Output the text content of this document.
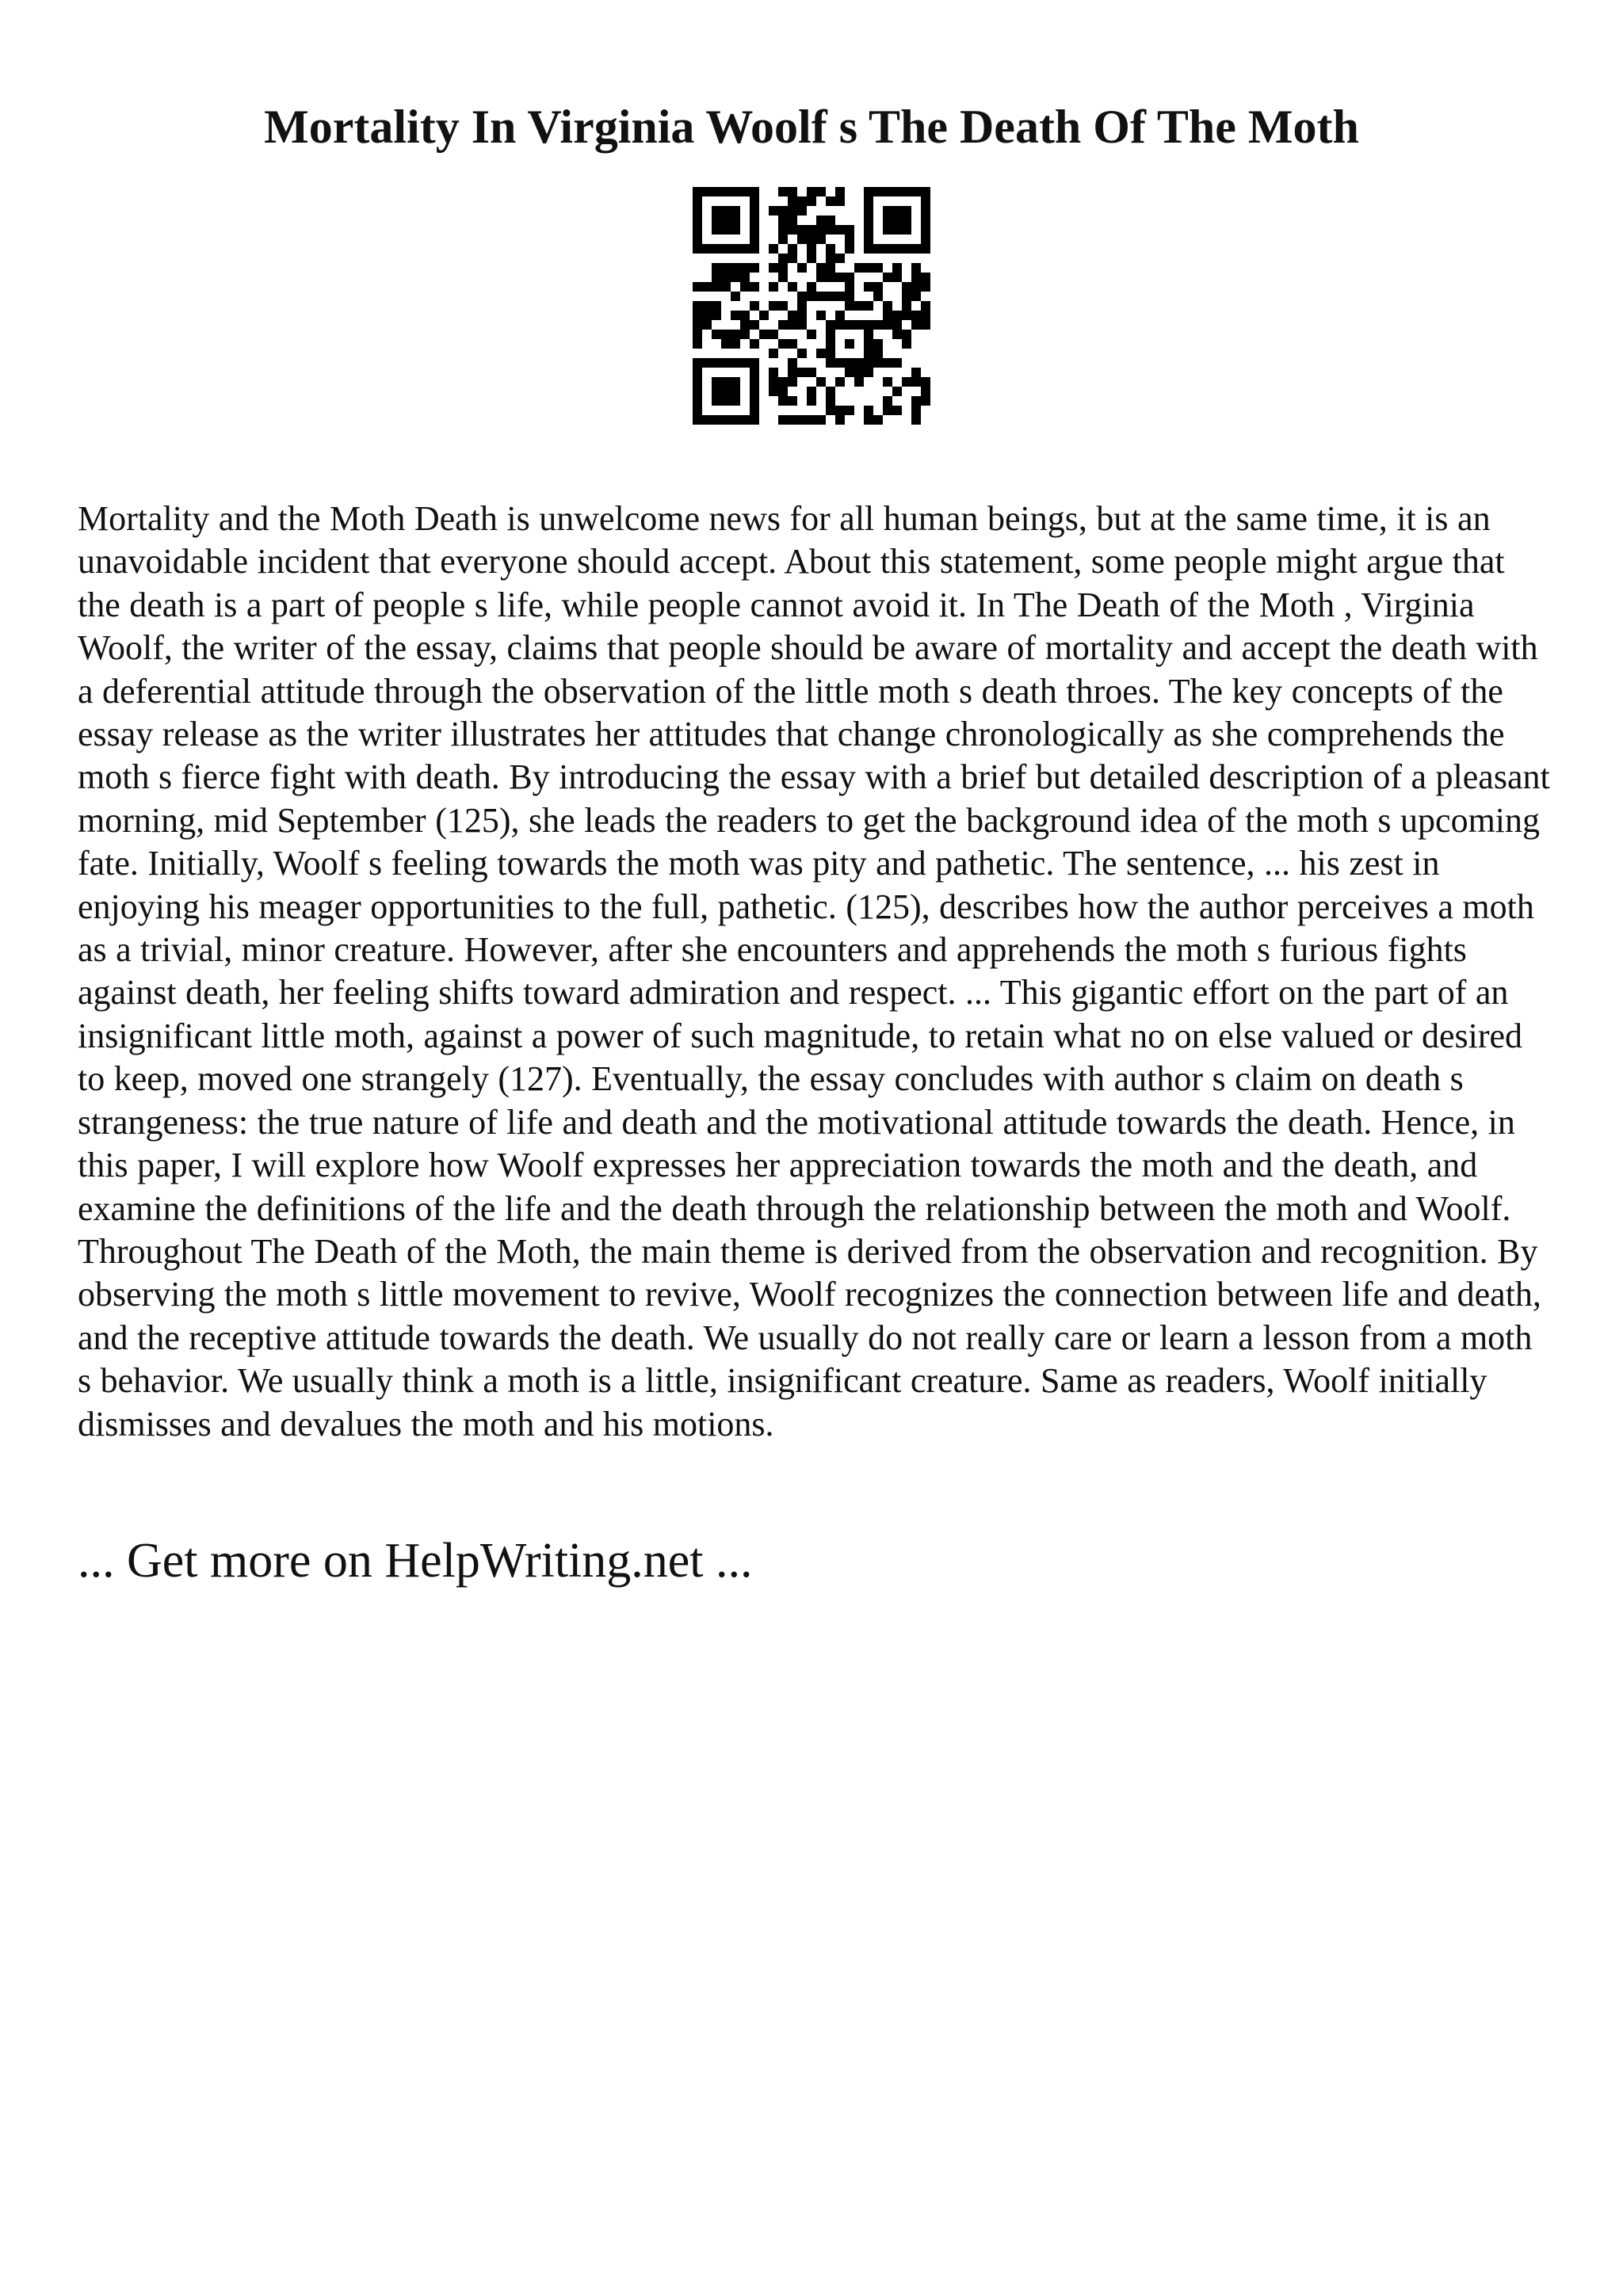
Mortality In Virginia Woolf s The Death Of The Moth

Mortality and the Moth Death is unwelcome news for all human beings, but at the same time, it is an unavoidable incident that everyone should accept. About this statement, some people might argue that the death is a part of people s life, while people cannot avoid it. In The Death of the Moth , Virginia Woolf, the writer of the essay, claims that people should be aware of mortality and accept the death with a deferential attitude through the observation of the little moth s death throes. The key concepts of the essay release as the writer illustrates her attitudes that change chronologically as she comprehends the moth s fierce fight with death. By introducing the essay with a brief but detailed description of a pleasant morning, mid September (125), she leads the readers to get the background idea of the moth s upcoming fate. Initially, Woolf s feeling towards the moth was pity and pathetic. The sentence, ... his zest in enjoying his meager opportunities to the full, pathetic. (125), describes how the author perceives a moth as a trivial, minor creature. However, after she encounters and apprehends the moth s furious fights against death, her feeling shifts toward admiration and respect. ... This gigantic effort on the part of an insignificant little moth, against a power of such magnitude, to retain what no on else valued or desired to keep, moved one strangely (127). Eventually, the essay concludes with author s claim on death s strangeness: the true nature of life and death and the motivational attitude towards the death. Hence, in this paper, I will explore how Woolf expresses her appreciation towards the moth and the death, and examine the definitions of the life and the death through the relationship between the moth and Woolf. Throughout The Death of the Moth, the main theme is derived from the observation and recognition. By observing the moth s little movement to revive, Woolf recognizes the connection between life and death, and the receptive attitude towards the death. We usually do not really care or learn a lesson from a moth s behavior. We usually think a moth is a little, insignificant creature. Same as readers, Woolf initially dismisses and devalues the moth and his motions.

... Get more on HelpWriting.net ...
